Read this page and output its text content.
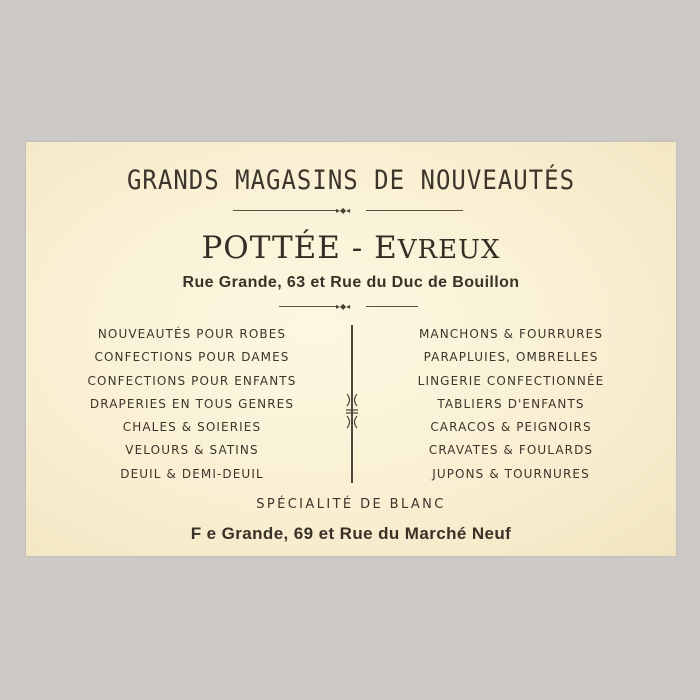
GRANDS MAGASINS DE NOUVEAUTÉS
▸◆◂
POTTÉE - EVREUX
Rue Grande, 63 et Rue du Duc de Bouillon
▸◆◂
NOUVEAUTÉS POUR ROBES
CONFECTIONS POUR DAMES
CONFECTIONS POUR ENFANTS
DRAPERIES EN TOUS GENRES
CHALES & SOIERIES
VELOURS & SATINS
DEUIL & DEMI-DEUIL
MANCHONS & FOURRURES
PARAPLUIES, OMBRELLES
LINGERIE CONFECTIONNÉE
TABLIERS D'ENFANTS
CARACOS & PEIGNOIRS
CRAVATES & FOULARDS
JUPONS & TOURNURES
SPÉCIALITÉ DE BLANC
F e Grande, 69 et Rue du Marché Neuf
